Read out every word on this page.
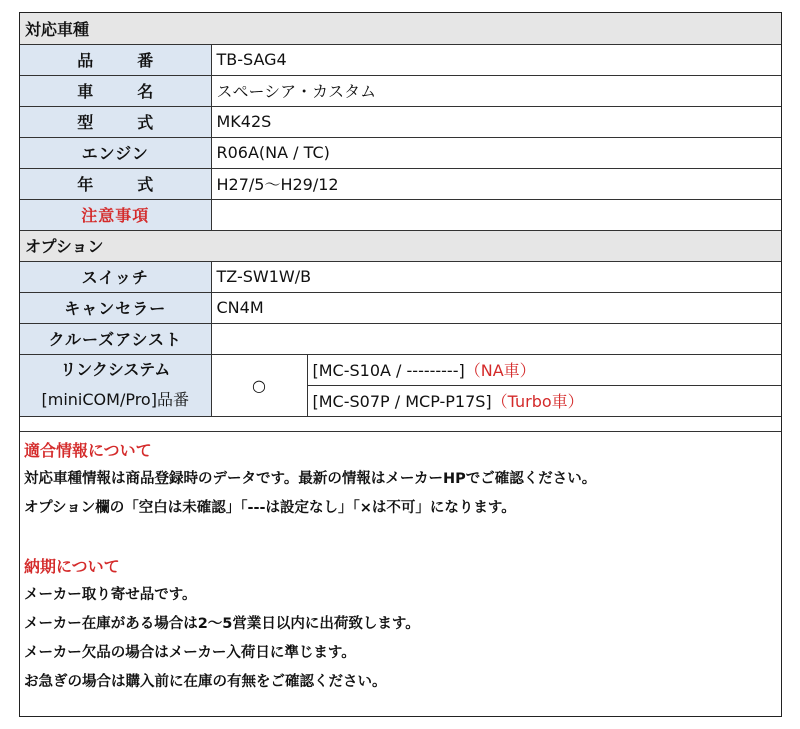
対応車種		
品　番	TB-SAG4	
車　名	スペーシア・カスタム	
型　式	MK42S	
エンジン	R06A(NA / TC)	
年　式	H27/5〜H29/12	
注意事項		
オプション		
スイッチ	TZ-SW1W/B	
キャンセラー	CN4M	
クルーズアシスト		

リンクシステム
[miniCOM/Pro]品番	○	[MC-S10A / ---------]（NA車）
		[MC-S07P / MCP-P17S]（Turbo車）
適合情報について
対応車種情報は商品登録時のデータです。最新の情報はメーカーHPでご確認ください。
オプション欄の「空白は未確認」「---は設定なし」「×は不可」になります。
納期について
メーカー取り寄せ品です。
メーカー在庫がある場合は2〜5営業日以内に出荷致します。
メーカー欠品の場合はメーカー入荷日に準じます。
お急ぎの場合は購入前に在庫の有無をご確認ください。
